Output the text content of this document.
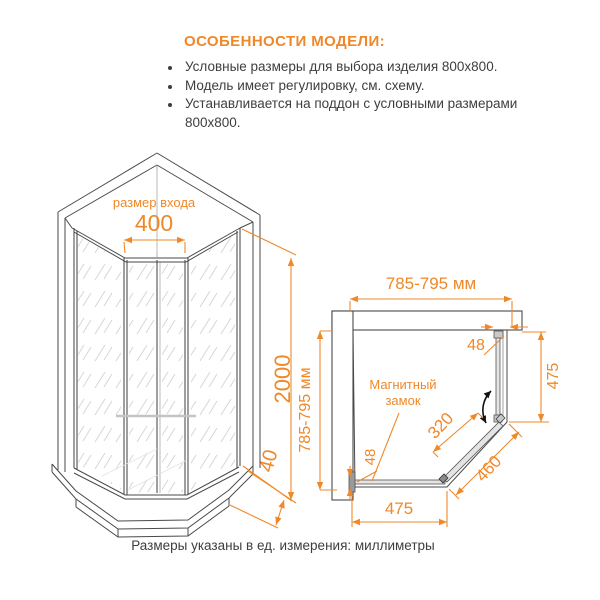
ОСОБЕННОСТИ МОДЕЛИ:
Условные размеры для выбора изделия 800х800.
Модель имеет регулировку, см. схему.
Устанавливается на поддон с условными размерами 800х800.
размер входа
400
2000
40
785-795 мм
785-795 мм
48
475
Магнитный замок
320
460
48
475
Размеры указаны в ед. измерения: миллиметры
